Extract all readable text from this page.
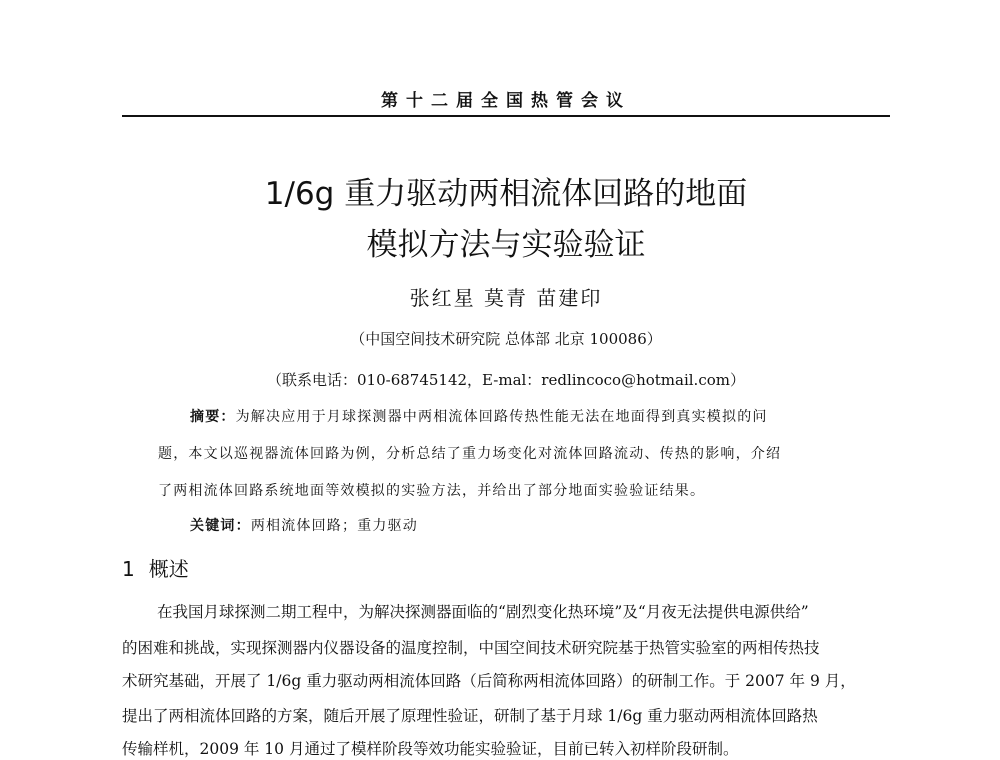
第十二届全国热管会议
1/6g 重力驱动两相流体回路的地面
模拟方法与实验验证
张红星 莫青 苗建印
（中国空间技术研究院 总体部 北京 100086）
（联系电话：010-68745142，E-mal：redlincoco@hotmail.com）
摘要：为解决应用于月球探测器中两相流体回路传热性能无法在地面得到真实模拟的问
题，本文以巡视器流体回路为例，分析总结了重力场变化对流体回路流动、传热的影响，介绍
了两相流体回路系统地面等效模拟的实验方法，并给出了部分地面实验验证结果。
关键词：两相流体回路；重力驱动
1 概述
在我国月球探测二期工程中，为解决探测器面临的“剧烈变化热环境”及“月夜无法提供电源供给”
的困难和挑战，实现探测器内仪器设备的温度控制，中国空间技术研究院基于热管实验室的两相传热技
术研究基础，开展了 1/6g 重力驱动两相流体回路（后简称两相流体回路）的研制工作。于 2007 年 9 月，
提出了两相流体回路的方案，随后开展了原理性验证，研制了基于月球 1/6g 重力驱动两相流体回路热
传输样机，2009 年 10 月通过了模样阶段等效功能实验验证，目前已转入初样阶段研制。
